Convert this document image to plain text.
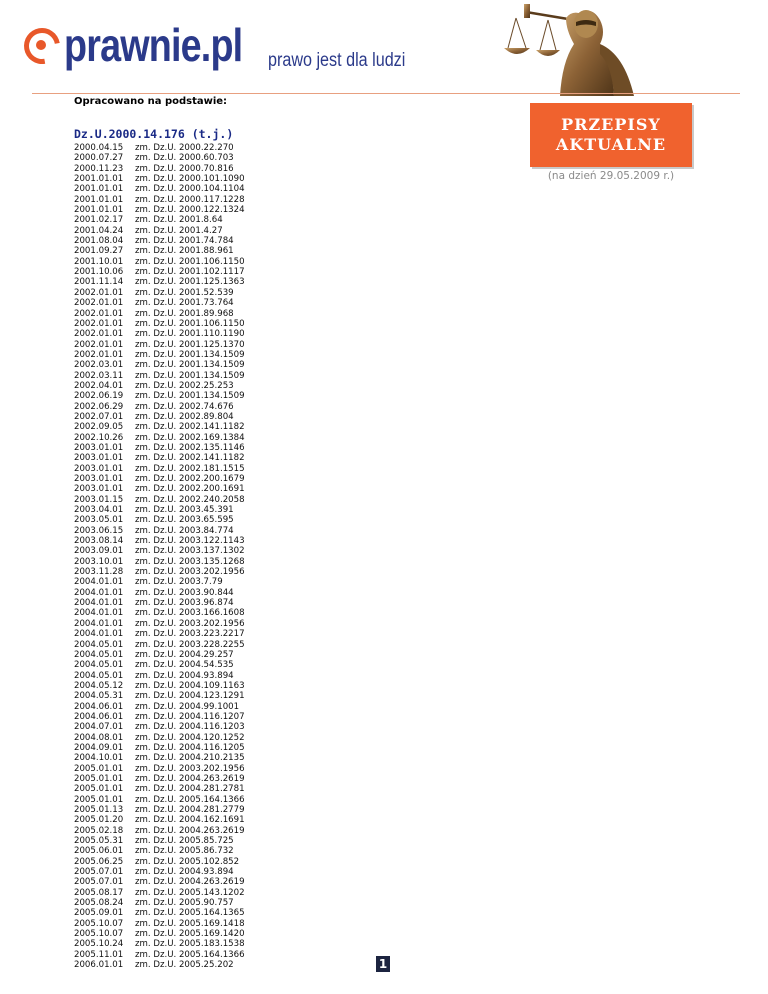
prawnie.pl prawo jest dla ludzi
PRZEPISY
AKTUALNE
(na dzień 29.05.2009 r.)
Opracowano na podstawie:
Dz.U.2000.14.176 (t.j.)
2000.04.15	zm. Dz.U. 2000.22.270
2000.07.27	zm. Dz.U. 2000.60.703
2000.11.23	zm. Dz.U. 2000.70.816
2001.01.01	zm. Dz.U. 2000.101.1090
2001.01.01	zm. Dz.U. 2000.104.1104
2001.01.01	zm. Dz.U. 2000.117.1228
2001.01.01	zm. Dz.U. 2000.122.1324
2001.02.17	zm. Dz.U. 2001.8.64
2001.04.24	zm. Dz.U. 2001.4.27
2001.08.04	zm. Dz.U. 2001.74.784
2001.09.27	zm. Dz.U. 2001.88.961
2001.10.01	zm. Dz.U. 2001.106.1150
2001.10.06	zm. Dz.U. 2001.102.1117
2001.11.14	zm. Dz.U. 2001.125.1363
2002.01.01	zm. Dz.U. 2001.52.539
2002.01.01	zm. Dz.U. 2001.73.764
2002.01.01	zm. Dz.U. 2001.89.968
2002.01.01	zm. Dz.U. 2001.106.1150
2002.01.01	zm. Dz.U. 2001.110.1190
2002.01.01	zm. Dz.U. 2001.125.1370
2002.01.01	zm. Dz.U. 2001.134.1509
2002.03.01	zm. Dz.U. 2001.134.1509
2002.03.11	zm. Dz.U. 2001.134.1509
2002.04.01	zm. Dz.U. 2002.25.253
2002.06.19	zm. Dz.U. 2001.134.1509
2002.06.29	zm. Dz.U. 2002.74.676
2002.07.01	zm. Dz.U. 2002.89.804
2002.09.05	zm. Dz.U. 2002.141.1182
2002.10.26	zm. Dz.U. 2002.169.1384
2003.01.01	zm. Dz.U. 2002.135.1146
2003.01.01	zm. Dz.U. 2002.141.1182
2003.01.01	zm. Dz.U. 2002.181.1515
2003.01.01	zm. Dz.U. 2002.200.1679
2003.01.01	zm. Dz.U. 2002.200.1691
2003.01.15	zm. Dz.U. 2002.240.2058
2003.04.01	zm. Dz.U. 2003.45.391
2003.05.01	zm. Dz.U. 2003.65.595
2003.06.15	zm. Dz.U. 2003.84.774
2003.08.14	zm. Dz.U. 2003.122.1143
2003.09.01	zm. Dz.U. 2003.137.1302
2003.10.01	zm. Dz.U. 2003.135.1268
2003.11.28	zm. Dz.U. 2003.202.1956
2004.01.01	zm. Dz.U. 2003.7.79
2004.01.01	zm. Dz.U. 2003.90.844
2004.01.01	zm. Dz.U. 2003.96.874
2004.01.01	zm. Dz.U. 2003.166.1608
2004.01.01	zm. Dz.U. 2003.202.1956
2004.01.01	zm. Dz.U. 2003.223.2217
2004.05.01	zm. Dz.U. 2003.228.2255
2004.05.01	zm. Dz.U. 2004.29.257
2004.05.01	zm. Dz.U. 2004.54.535
2004.05.01	zm. Dz.U. 2004.93.894
2004.05.12	zm. Dz.U. 2004.109.1163
2004.05.31	zm. Dz.U. 2004.123.1291
2004.06.01	zm. Dz.U. 2004.99.1001
2004.06.01	zm. Dz.U. 2004.116.1207
2004.07.01	zm. Dz.U. 2004.116.1203
2004.08.01	zm. Dz.U. 2004.120.1252
2004.09.01	zm. Dz.U. 2004.116.1205
2004.10.01	zm. Dz.U. 2004.210.2135
2005.01.01	zm. Dz.U. 2003.202.1956
2005.01.01	zm. Dz.U. 2004.263.2619
2005.01.01	zm. Dz.U. 2004.281.2781
2005.01.01	zm. Dz.U. 2005.164.1366
2005.01.13	zm. Dz.U. 2004.281.2779
2005.01.20	zm. Dz.U. 2004.162.1691
2005.02.18	zm. Dz.U. 2004.263.2619
2005.05.31	zm. Dz.U. 2005.85.725
2005.06.01	zm. Dz.U. 2005.86.732
2005.06.25	zm. Dz.U. 2005.102.852
2005.07.01	zm. Dz.U. 2004.93.894
2005.07.01	zm. Dz.U. 2004.263.2619
2005.08.17	zm. Dz.U. 2005.143.1202
2005.08.24	zm. Dz.U. 2005.90.757
2005.09.01	zm. Dz.U. 2005.164.1365
2005.10.07	zm. Dz.U. 2005.169.1418
2005.10.07	zm. Dz.U. 2005.169.1420
2005.10.24	zm. Dz.U. 2005.183.1538
2005.11.01	zm. Dz.U. 2005.164.1366
2006.01.01	zm. Dz.U. 2005.25.202	1
